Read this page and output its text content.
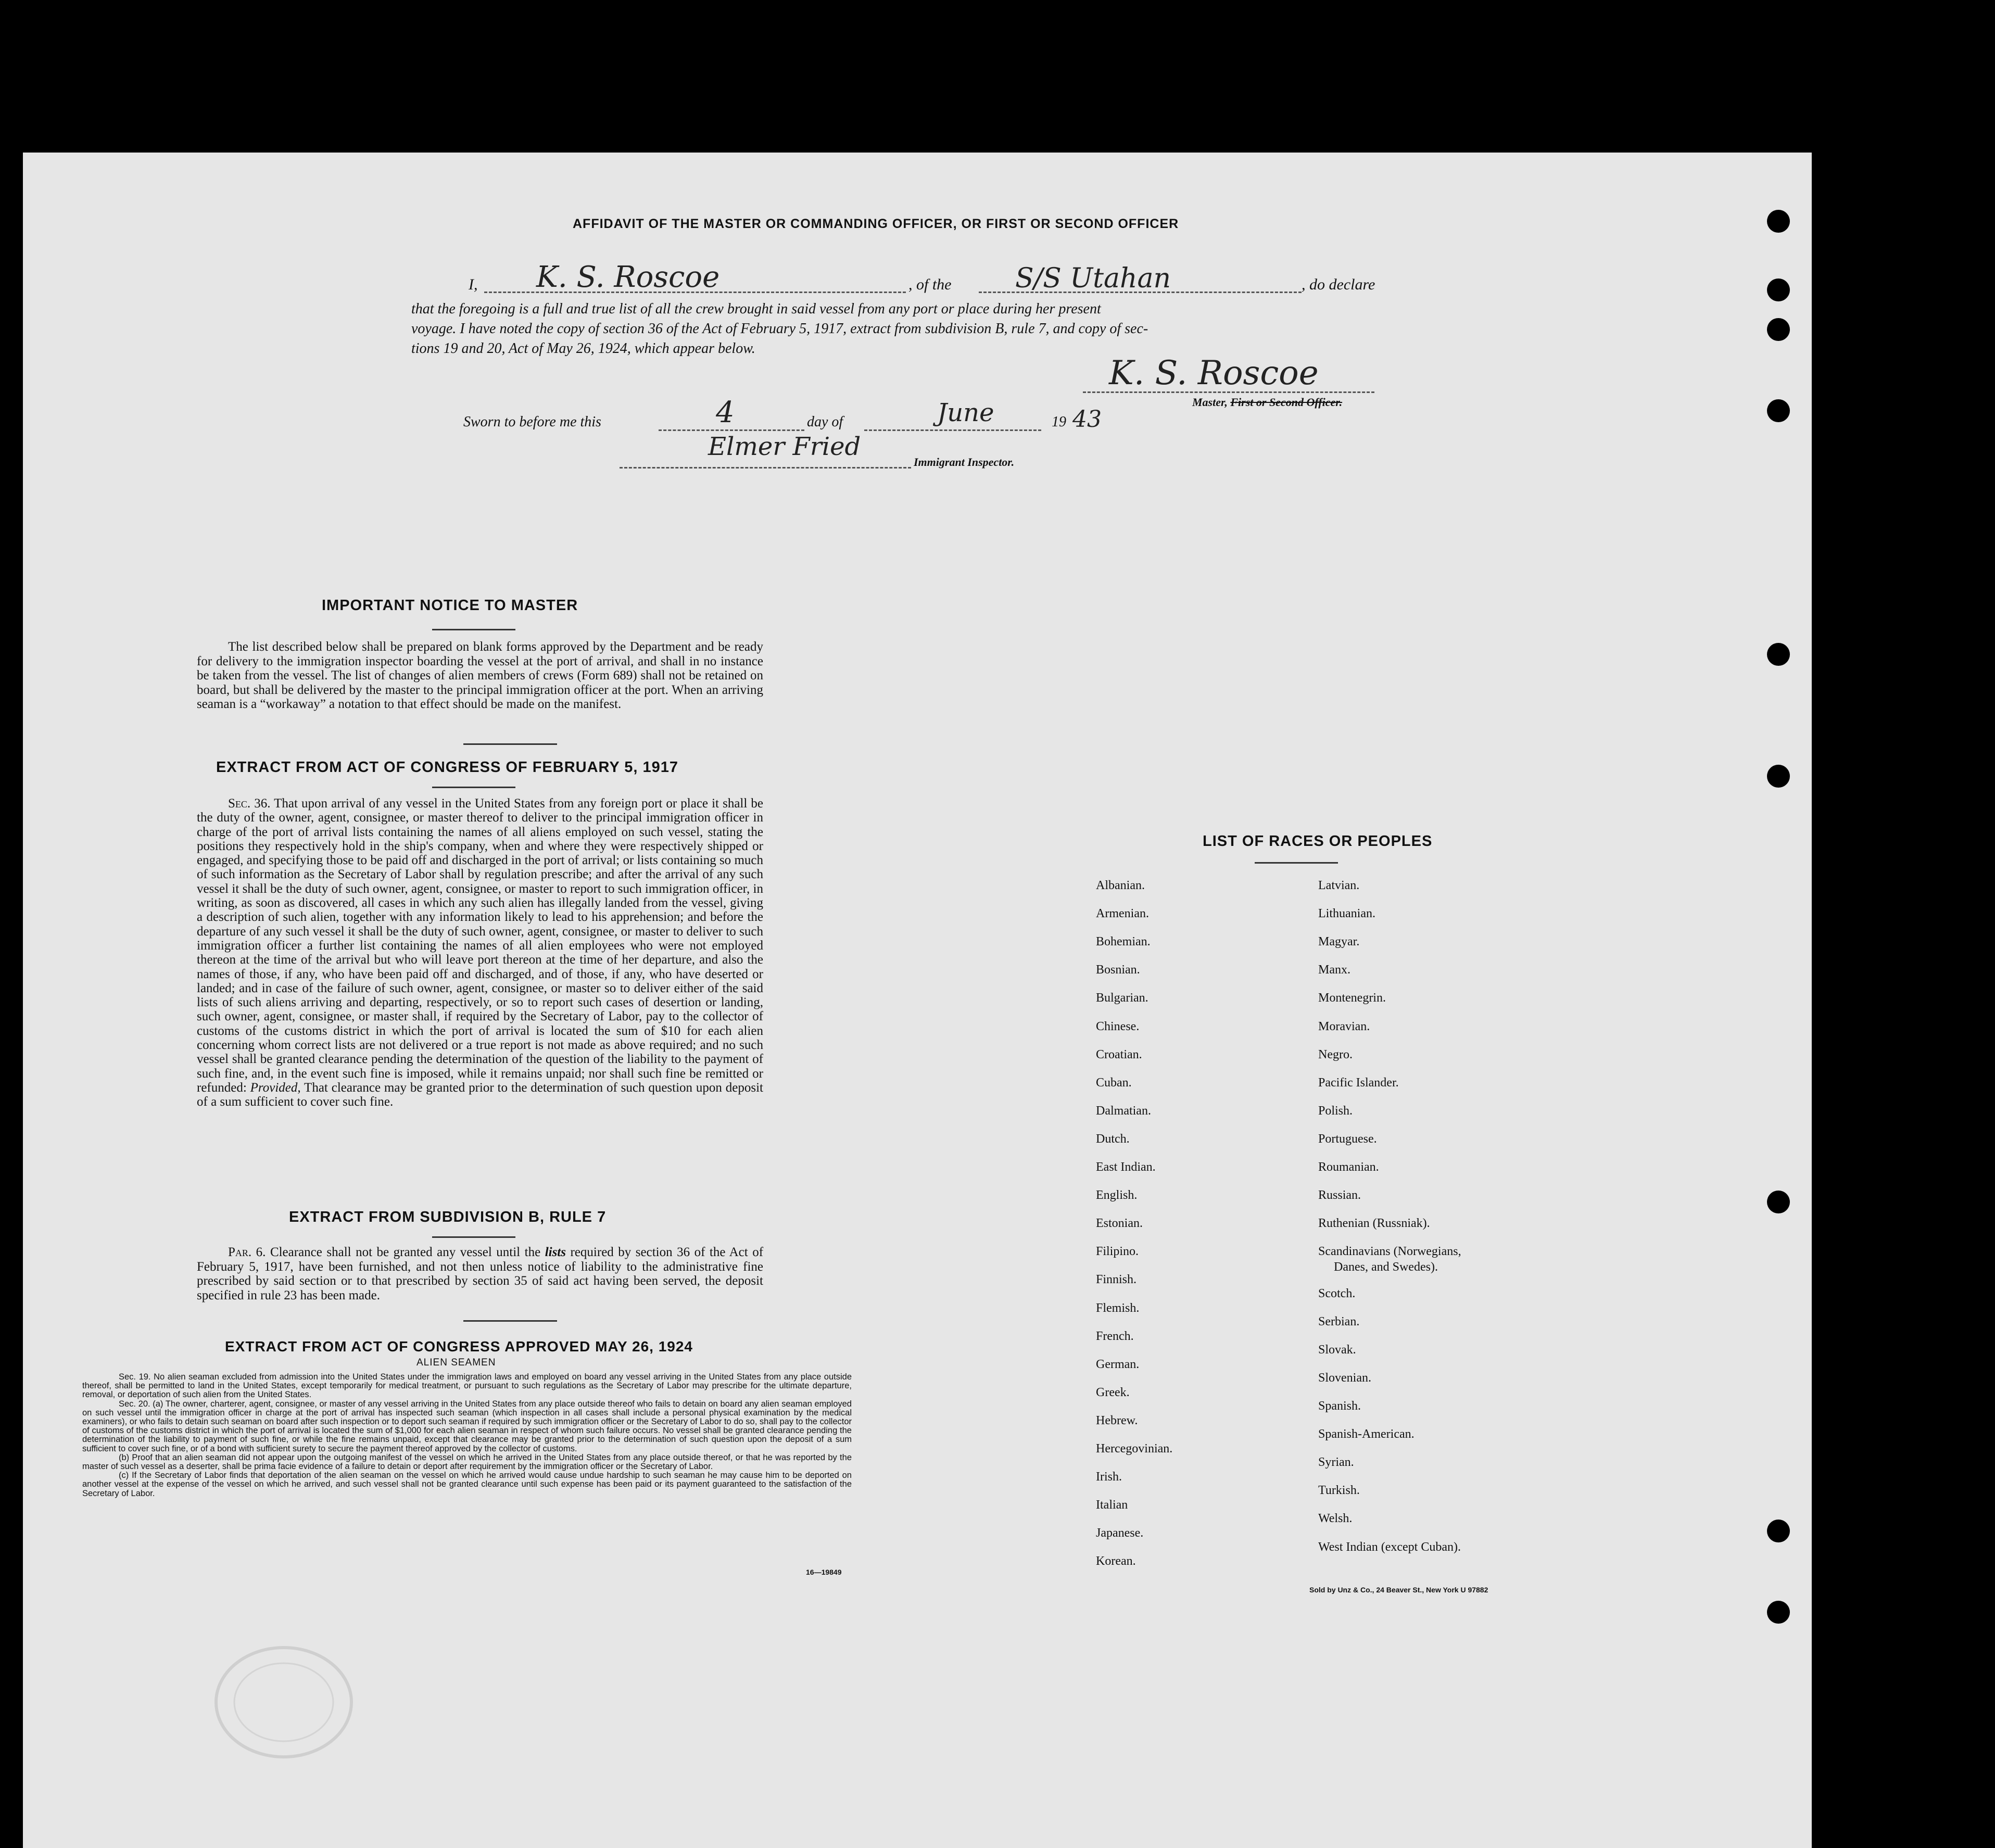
AFFIDAVIT OF THE MASTER OR COMMANDING OFFICER, OR FIRST OR SECOND OFFICER
I, K. S. Roscoe	, of the S/S Utahan	, do declare
that the foregoing is a full and true list of all the crew brought in said vessel from any port or place during her present
voyage. I have noted the copy of section 36 of the Act of February 5, 1917, extract from subdivision B, rule 7, and copy of sec-
tions 19 and 20, Act of May 26, 1924, which appear below.
K. S. Roscoe
Master, First or Second Officer.
Sworn to before me this	4	day of	June	19 43
Elmer Fried
Immigrant Inspector.
IMPORTANT NOTICE TO MASTER
The list described below shall be prepared on blank forms approved by the Department and be ready for delivery to the immigration inspector boarding the vessel at the port of arrival, and shall in no instance be taken from the vessel. The list of changes of alien members of crews (Form 689) shall not be retained on board, but shall be delivered by the master to the principal immigration officer at the port. When an arriving seaman is a “workaway” a notation to that effect should be made on the manifest.
EXTRACT FROM ACT OF CONGRESS OF FEBRUARY 5, 1917
Sec. 36. That upon arrival of any vessel in the United States from any foreign port or place it shall be the duty of the owner, agent, consignee, or master thereof to deliver to the principal immigration officer in charge of the port of arrival lists containing the names of all aliens employed on such vessel, stating the positions they respectively hold in the ship's company, when and where they were respectively shipped or engaged, and specifying those to be paid off and discharged in the port of arrival; or lists containing so much of such information as the Secretary of Labor shall by regulation prescribe; and after the arrival of any such vessel it shall be the duty of such owner, agent, consignee, or master to report to such immigration officer, in writing, as soon as discovered, all cases in which any such alien has illegally landed from the vessel, giving a description of such alien, together with any information likely to lead to his apprehension; and before the departure of any such vessel it shall be the duty of such owner, agent, consignee, or master to deliver to such immigration officer a further list containing the names of all alien employees who were not employed thereon at the time of the arrival but who will leave port thereon at the time of her departure, and also the names of those, if any, who have been paid off and discharged, and of those, if any, who have deserted or landed; and in case of the failure of such owner, agent, consignee, or master so to deliver either of the said lists of such aliens arriving and departing, respectively, or so to report such cases of desertion or landing, such owner, agent, consignee, or master shall, if required by the Secretary of Labor, pay to the collector of customs of the customs district in which the port of arrival is located the sum of $10 for each alien concerning whom correct lists are not delivered or a true report is not made as above required; and no such vessel shall be granted clearance pending the determination of the question of the liability to the payment of such fine, and, in the event such fine is imposed, while it remains unpaid; nor shall such fine be remitted or refunded: Provided, That clearance may be granted prior to the determination of such question upon deposit of a sum sufficient to cover such fine.
EXTRACT FROM SUBDIVISION B, RULE 7
Par. 6. Clearance shall not be granted any vessel until the lists required by section 36 of the Act of February 5, 1917, have been furnished, and not then unless notice of liability to the administrative fine prescribed by said section or to that prescribed by section 35 of said act having been served, the deposit specified in rule 23 has been made.
EXTRACT FROM ACT OF CONGRESS APPROVED MAY 26, 1924
ALIEN SEAMEN
Sec. 19. No alien seaman excluded from admission into the United States under the immigration laws and employed on board any vessel arriving in the United States from any place outside thereof, shall be permitted to land in the United States, except temporarily for medical treatment, or pursuant to such regulations as the Secretary of Labor may prescribe for the ultimate departure, removal, or deportation of such alien from the United States.
Sec. 20. (a) The owner, charterer, agent, consignee, or master of any vessel arriving in the United States from any place outside thereof who fails to detain on board any alien seaman employed on such vessel until the immigration officer in charge at the port of arrival has inspected such seaman (which inspection in all cases shall include a personal physical examination by the medical examiners), or who fails to detain such seaman on board after such inspection or to deport such seaman if required by such immigration officer or the Secretary of Labor to do so, shall pay to the collector of customs of the customs district in which the port of arrival is located the sum of $1,000 for each alien seaman in respect of whom such failure occurs. No vessel shall be granted clearance pending the determination of the liability to payment of such fine, or while the fine remains unpaid, except that clearance may be granted prior to the determination of such question upon the deposit of a sum sufficient to cover such fine, or of a bond with sufficient surety to secure the payment thereof approved by the collector of customs.
(b) Proof that an alien seaman did not appear upon the outgoing manifest of the vessel on which he arrived in the United States from any place outside thereof, or that he was reported by the master of such vessel as a deserter, shall be prima facie evidence of a failure to detain or deport after requirement by the immigration officer or the Secretary of Labor.
(c) If the Secretary of Labor finds that deportation of the alien seaman on the vessel on which he arrived would cause undue hardship to such seaman he may cause him to be deported on another vessel at the expense of the vessel on which he arrived, and such vessel shall not be granted clearance until such expense has been paid or its payment guaranteed to the satisfaction of the Secretary of Labor.
16—19849
LIST OF RACES OR PEOPLES
Albanian.
Armenian.
Bohemian.
Bosnian.
Bulgarian.
Chinese.
Croatian.
Cuban.
Dalmatian.
Dutch.
East Indian.
English.
Estonian.
Filipino.
Finnish.
Flemish.
French.
German.
Greek.
Hebrew.
Hercegovinian.
Irish.
Italian
Japanese.
Korean.
Latvian.
Lithuanian.
Magyar.
Manx.
Montenegrin.
Moravian.
Negro.
Pacific Islander.
Polish.
Portuguese.
Roumanian.
Russian.
Ruthenian (Russniak).
Scandinavians (Norwegians,
Danes, and Swedes).
Scotch.
Serbian.
Slovak.
Slovenian.
Spanish.
Spanish-American.
Syrian.
Turkish.
Welsh.
West Indian (except Cuban).
Sold by Unz & Co., 24 Beaver St., New York U 97882
